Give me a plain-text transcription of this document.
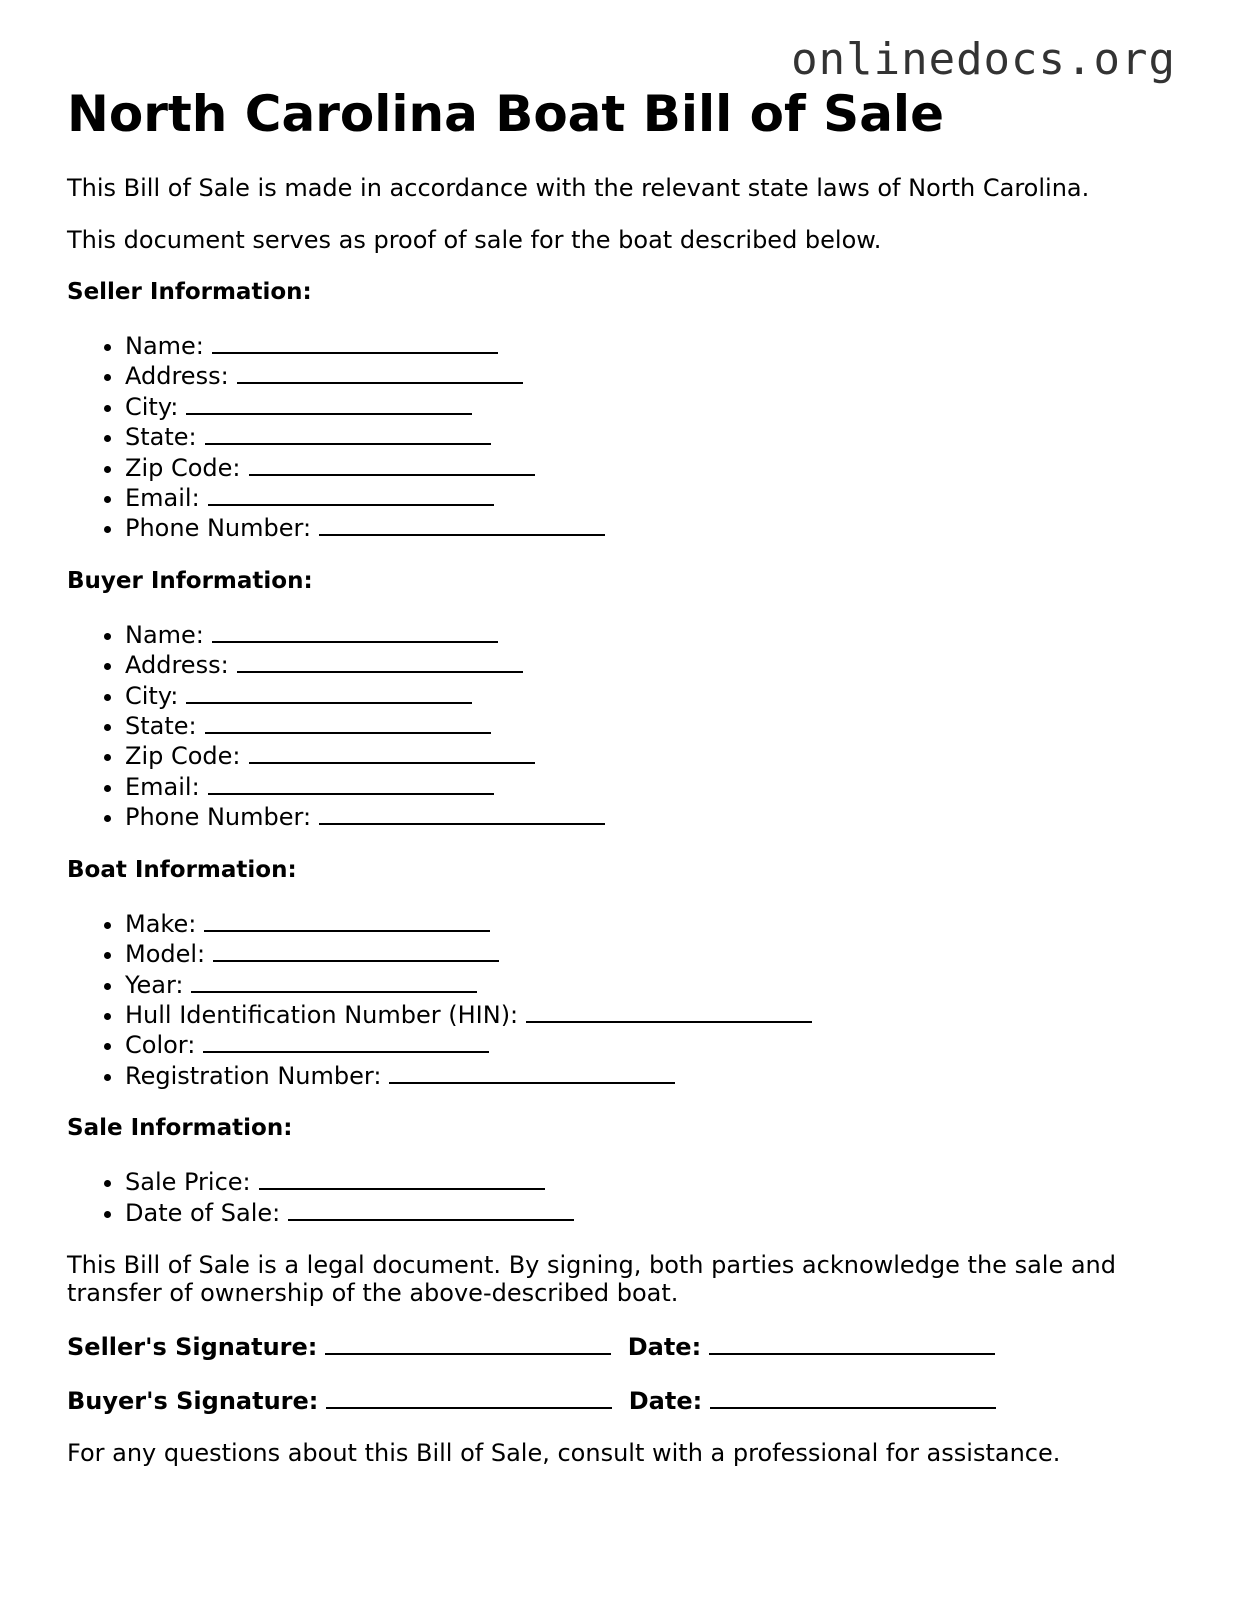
onlinedocs.org
North Carolina Boat Bill of Sale

This Bill of Sale is made in accordance with the relevant state laws of North Carolina.

This document serves as proof of sale for the boat described below.

Seller Information:

• Name:
• Address:
• City:
• State:
• Zip Code:
• Email:
• Phone Number:

Buyer Information:

• Name:
• Address:
• City:
• State:
• Zip Code:
• Email:
• Phone Number:

Boat Information:

• Make:
• Model:
• Year:
• Hull Identification Number (HIN):
• Color:
• Registration Number:

Sale Information:

• Sale Price:
• Date of Sale:

This Bill of Sale is a legal document. By signing, both parties acknowledge the sale and transfer of ownership of the above-described boat.

Seller's Signature:	Date:
Buyer's Signature:	Date:

For any questions about this Bill of Sale, consult with a professional for assistance.
